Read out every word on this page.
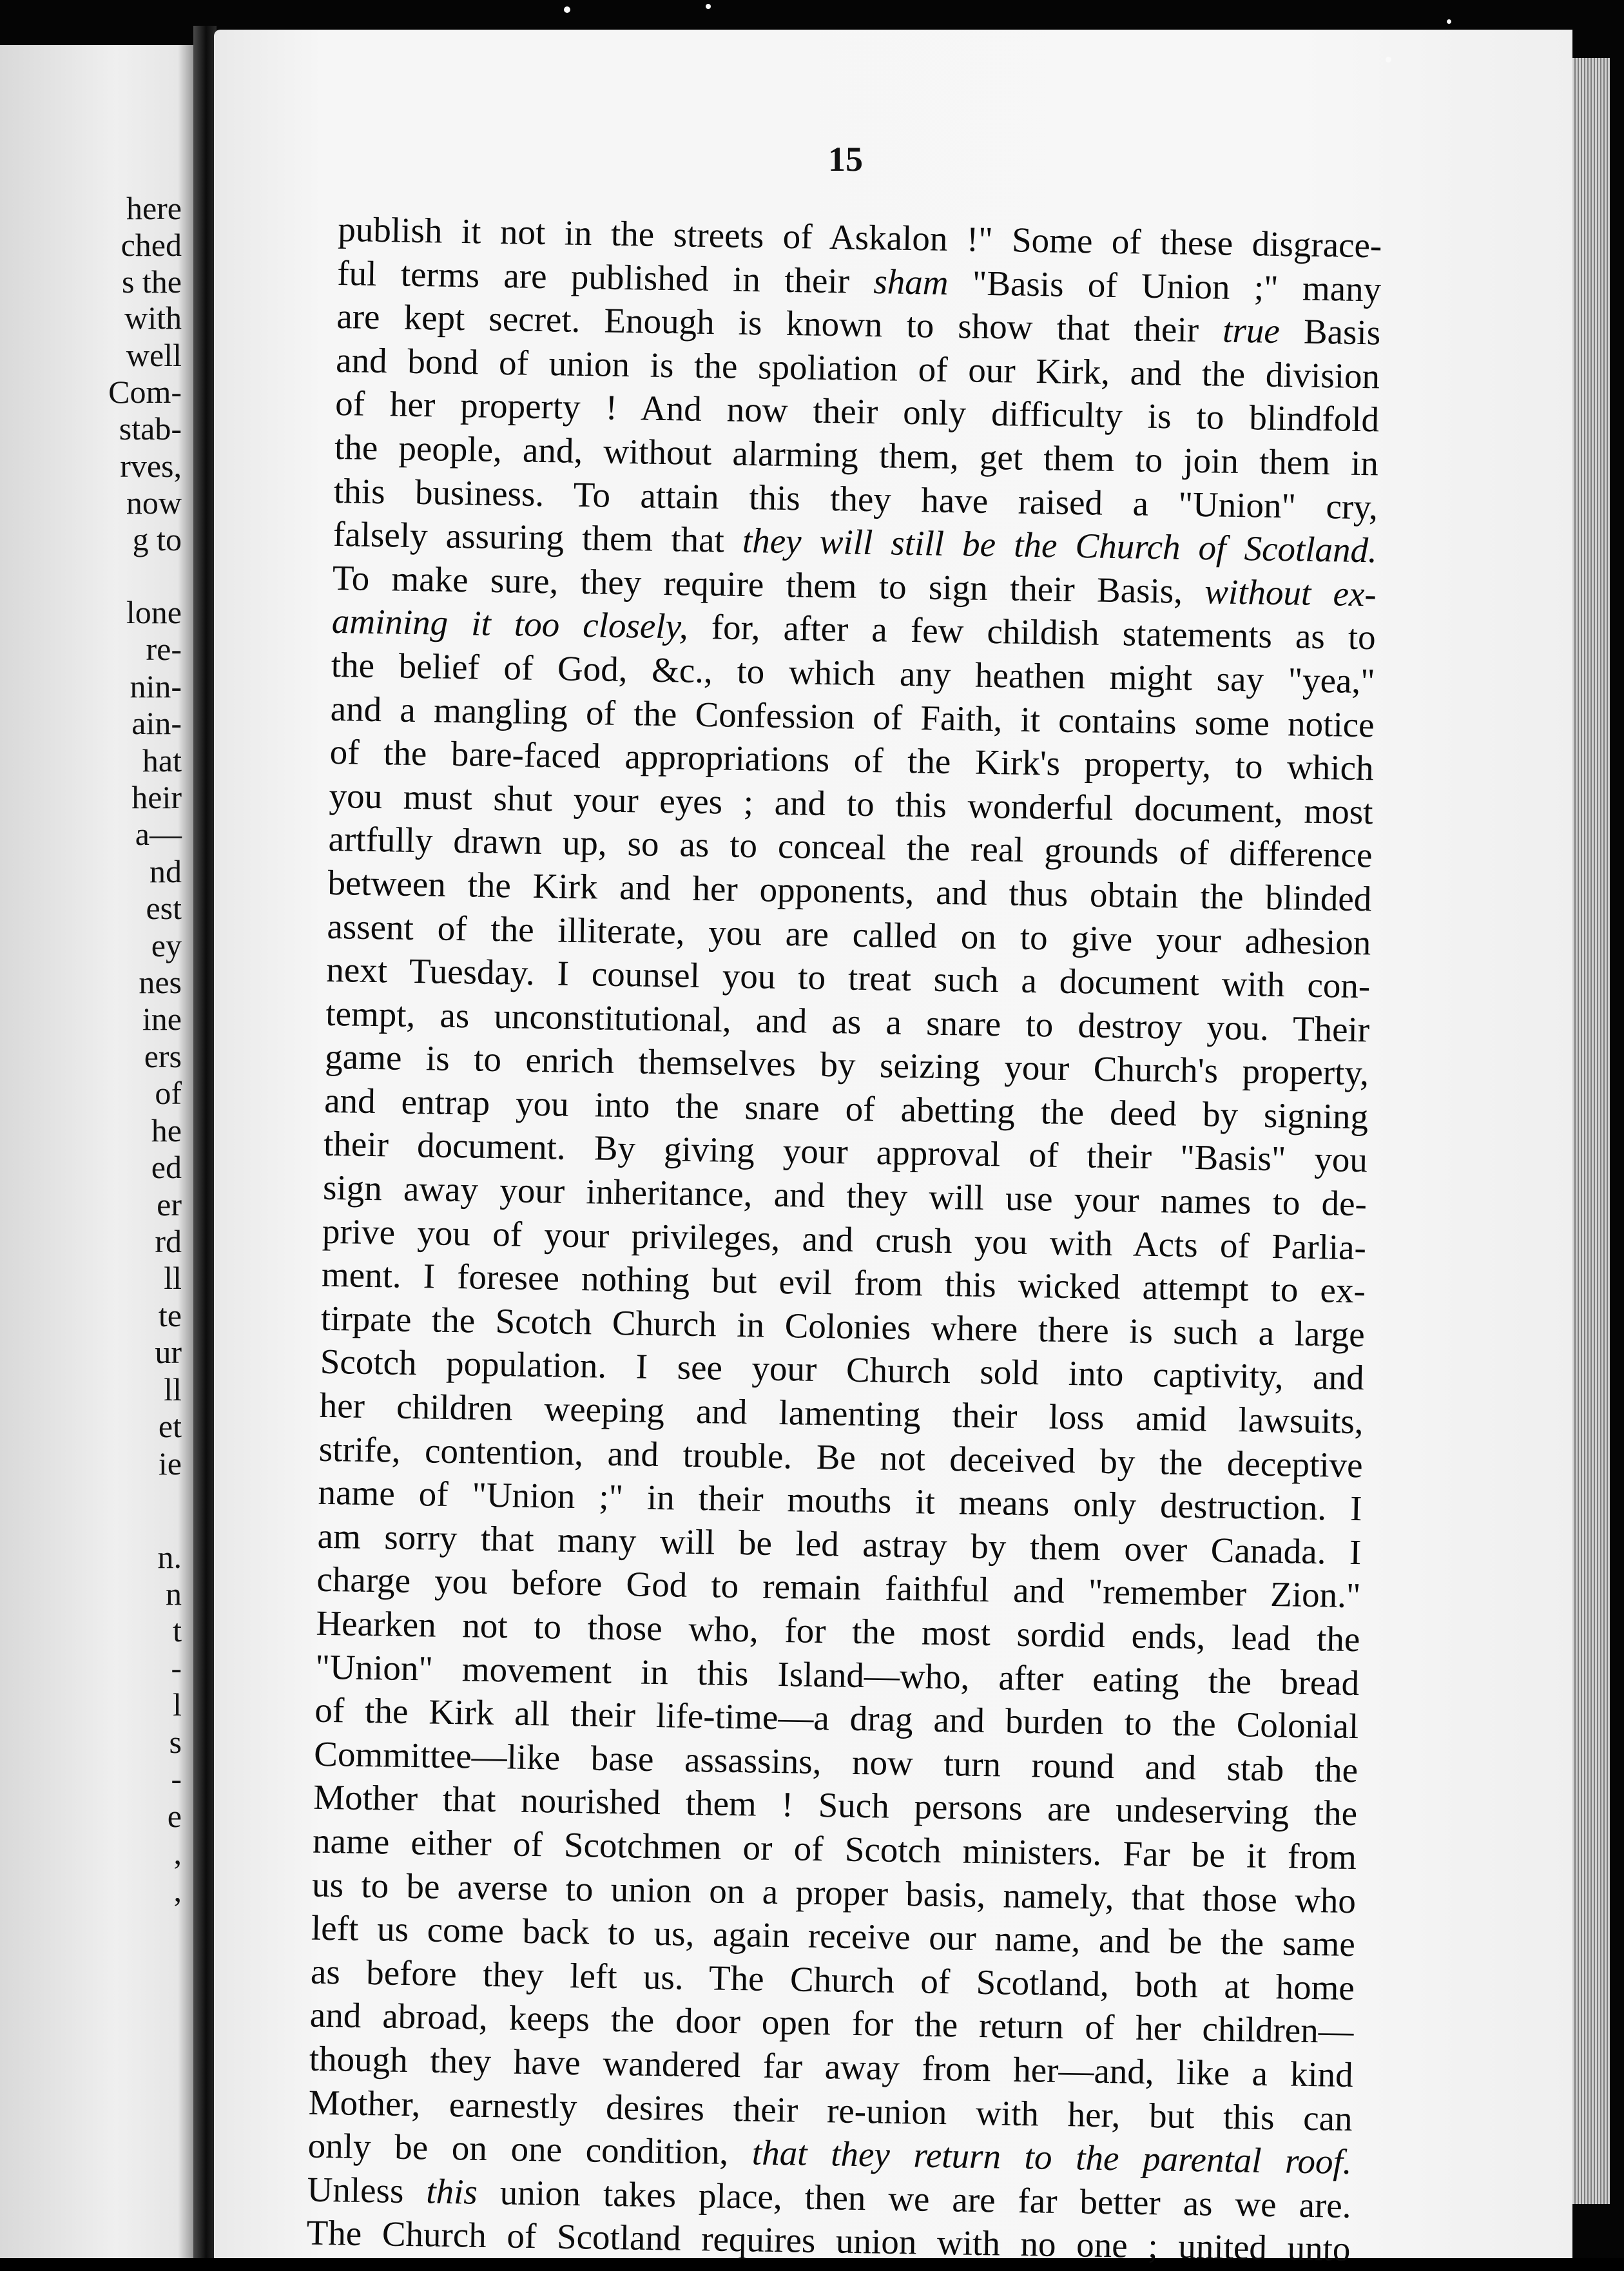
here
ched
s the
with
well
Com-
stab-
rves,
now
g to
lone
re-
nin-
ain-
hat
heir
a—
nd
est
ey
nes
ine
ers
of
he
ed
er
rd
ll
te
ur
ll
et
ie
n.
n
t
-
l
s
-
e
,
,
15
publish it not in the streets of Askalon !" Some of these disgrace-
ful terms are published in their sham "Basis of Union ;" many
are kept secret. Enough is known to show that their true Basis
and bond of union is the spoliation of our Kirk, and the division
of her property ! And now their only difficulty is to blindfold
the people, and, without alarming them, get them to join them in
this business. To attain this they have raised a "Union" cry,
falsely assuring them that they will still be the Church of Scotland.
To make sure, they require them to sign their Basis, without ex-
amining it too closely, for, after a few childish statements as to
the belief of God, &c., to which any heathen might say "yea,"
and a mangling of the Confession of Faith, it contains some notice
of the bare-faced appropriations of the Kirk's property, to which
you must shut your eyes ; and to this wonderful document, most
artfully drawn up, so as to conceal the real grounds of difference
between the Kirk and her opponents, and thus obtain the blinded
assent of the illiterate, you are called on to give your adhesion
next Tuesday. I counsel you to treat such a document with con-
tempt, as unconstitutional, and as a snare to destroy you. Their
game is to enrich themselves by seizing your Church's property,
and entrap you into the snare of abetting the deed by signing
their document. By giving your approval of their "Basis" you
sign away your inheritance, and they will use your names to de-
prive you of your privileges, and crush you with Acts of Parlia-
ment. I foresee nothing but evil from this wicked attempt to ex-
tirpate the Scotch Church in Colonies where there is such a large
Scotch population. I see your Church sold into captivity, and
her children weeping and lamenting their loss amid lawsuits,
strife, contention, and trouble. Be not deceived by the deceptive
name of "Union ;" in their mouths it means only destruction. I
am sorry that many will be led astray by them over Canada. I
charge you before God to remain faithful and "remember Zion."
Hearken not to those who, for the most sordid ends, lead the
"Union" movement in this Island—who, after eating the bread
of the Kirk all their life-time—a drag and burden to the Colonial
Committee—like base assassins, now turn round and stab the
Mother that nourished them ! Such persons are undeserving the
name either of Scotchmen or of Scotch ministers. Far be it from
us to be averse to union on a proper basis, namely, that those who
left us come back to us, again receive our name, and be the same
as before they left us. The Church of Scotland, both at home
and abroad, keeps the door open for the return of her children—
though they have wandered far away from her—and, like a kind
Mother, earnestly desires their re-union with her, but this can
only be on one condition, that they return to the parental roof.
Unless this union takes place, then we are far better as we are.
The Church of Scotland requires union with no one ; united unto
